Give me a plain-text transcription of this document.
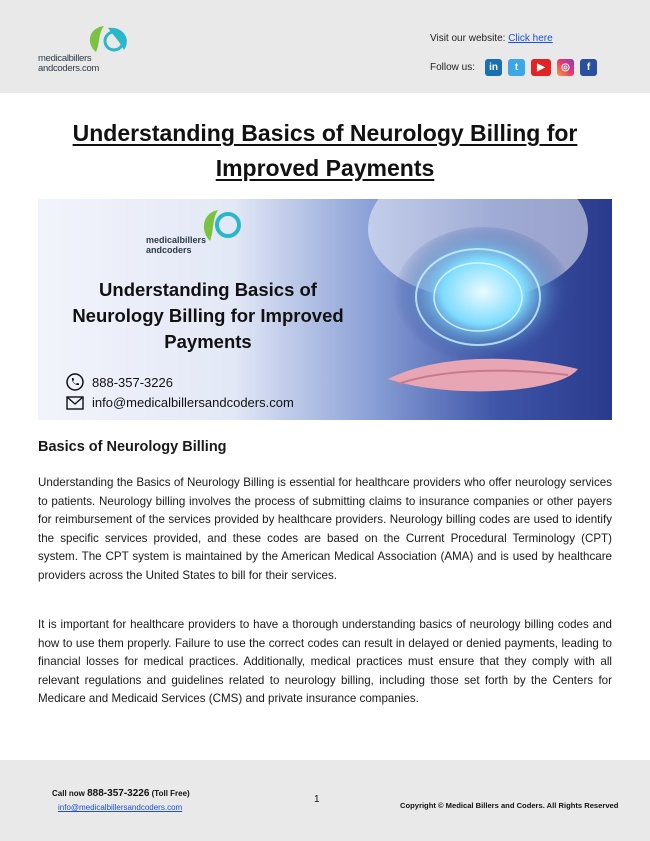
medicalbillers
andcoders.com
Visit our website: Click here
Follow us:	in	t	▶	◎	f
Understanding Basics of Neurology Billing for Improved Payments
medicalbillers
andcoders
Understanding Basics of Neurology Billing for Improved Payments
888-357-3226
info@medicalbillersandcoders.com
Basics of Neurology Billing

Understanding the Basics of Neurology Billing is essential for healthcare providers who offer neurology services to patients. Neurology billing involves the process of submitting claims to insurance companies or other payers for reimbursement of the services provided by healthcare providers. Neurology billing codes are used to identify the specific services provided, and these codes are based on the Current Procedural Terminology (CPT) system. The CPT system is maintained by the American Medical Association (AMA) and is used by healthcare providers across the United States to bill for their services.

It is important for healthcare providers to have a thorough understanding basics of neurology billing codes and how to use them properly. Failure to use the correct codes can result in delayed or denied payments, leading to financial losses for medical practices. Additionally, medical practices must ensure that they comply with all relevant regulations and guidelines related to neurology billing, including those set forth by the Centers for Medicare and Medicaid Services (CMS) and private insurance companies.

Call now 888-357-3226 (Toll Free)
info@medicalbillersandcoders.com
1
Copyright © Medical Billers and Coders. All Rights Reserved
